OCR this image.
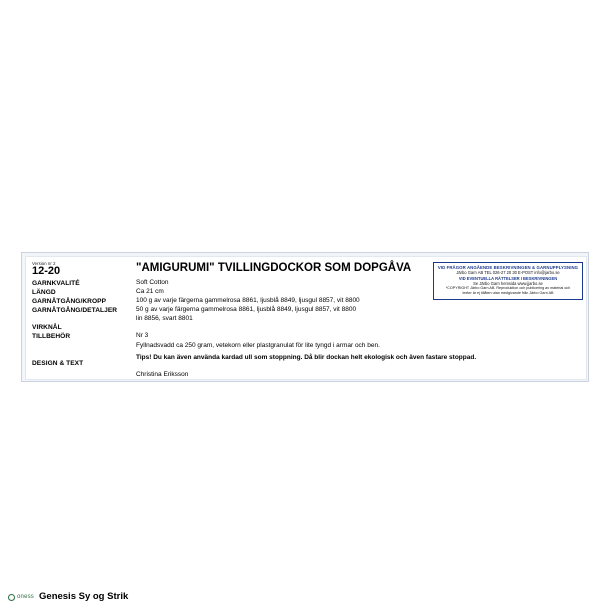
VID FRÅGOR ANGÅENDE BESKRIVNINGEN & GARNUPPLYSNING
Järbo Garn AB TEL 026-27 20 30 E-POST info@jarbo.se
VID EVENTUELLA RÄTTELSER I BESKRIVNINGEN
Se Järbo Garn hemsida www.jjarbo.se
*COPYRIGHT Järbo Garn AB. Reproduktion och publicering av material och
texter är ej tillåten utan medgivande från Järbo Garn AB
Version nr 2
12-20
GARNKVALITÉ
LÄNGD
GARNÅTGÅNG/KROPP
GARNÅTGÅNG/DETALJER
VIRKNÅL
TILLBEHÖR
DESIGN & TEXT
"AMIGURUMI" TVILLINGDOCKOR SOM DOPGÅVA
Soft Cotton
Ca 21 cm
100 g av varje färgerna gammelrosa 8861, ljusblå 8849, ljusgul 8857, vit 8800
50 g av varje färgerna gammelrosa 8861, ljusblå 8849, ljusgul 8857, vit 8800
lin 8856, svart 8801
Nr 3
Fyllnadsvadd ca 250 gram, vetekorn eller plastgranulat för lite tyngd i armar och ben.
Tips! Du kan även använda kardad ull som stoppning. Då blir dockan helt ekologisk och även fastare stoppad.
Christina Eriksson
oness Genesis Sy og Strik
